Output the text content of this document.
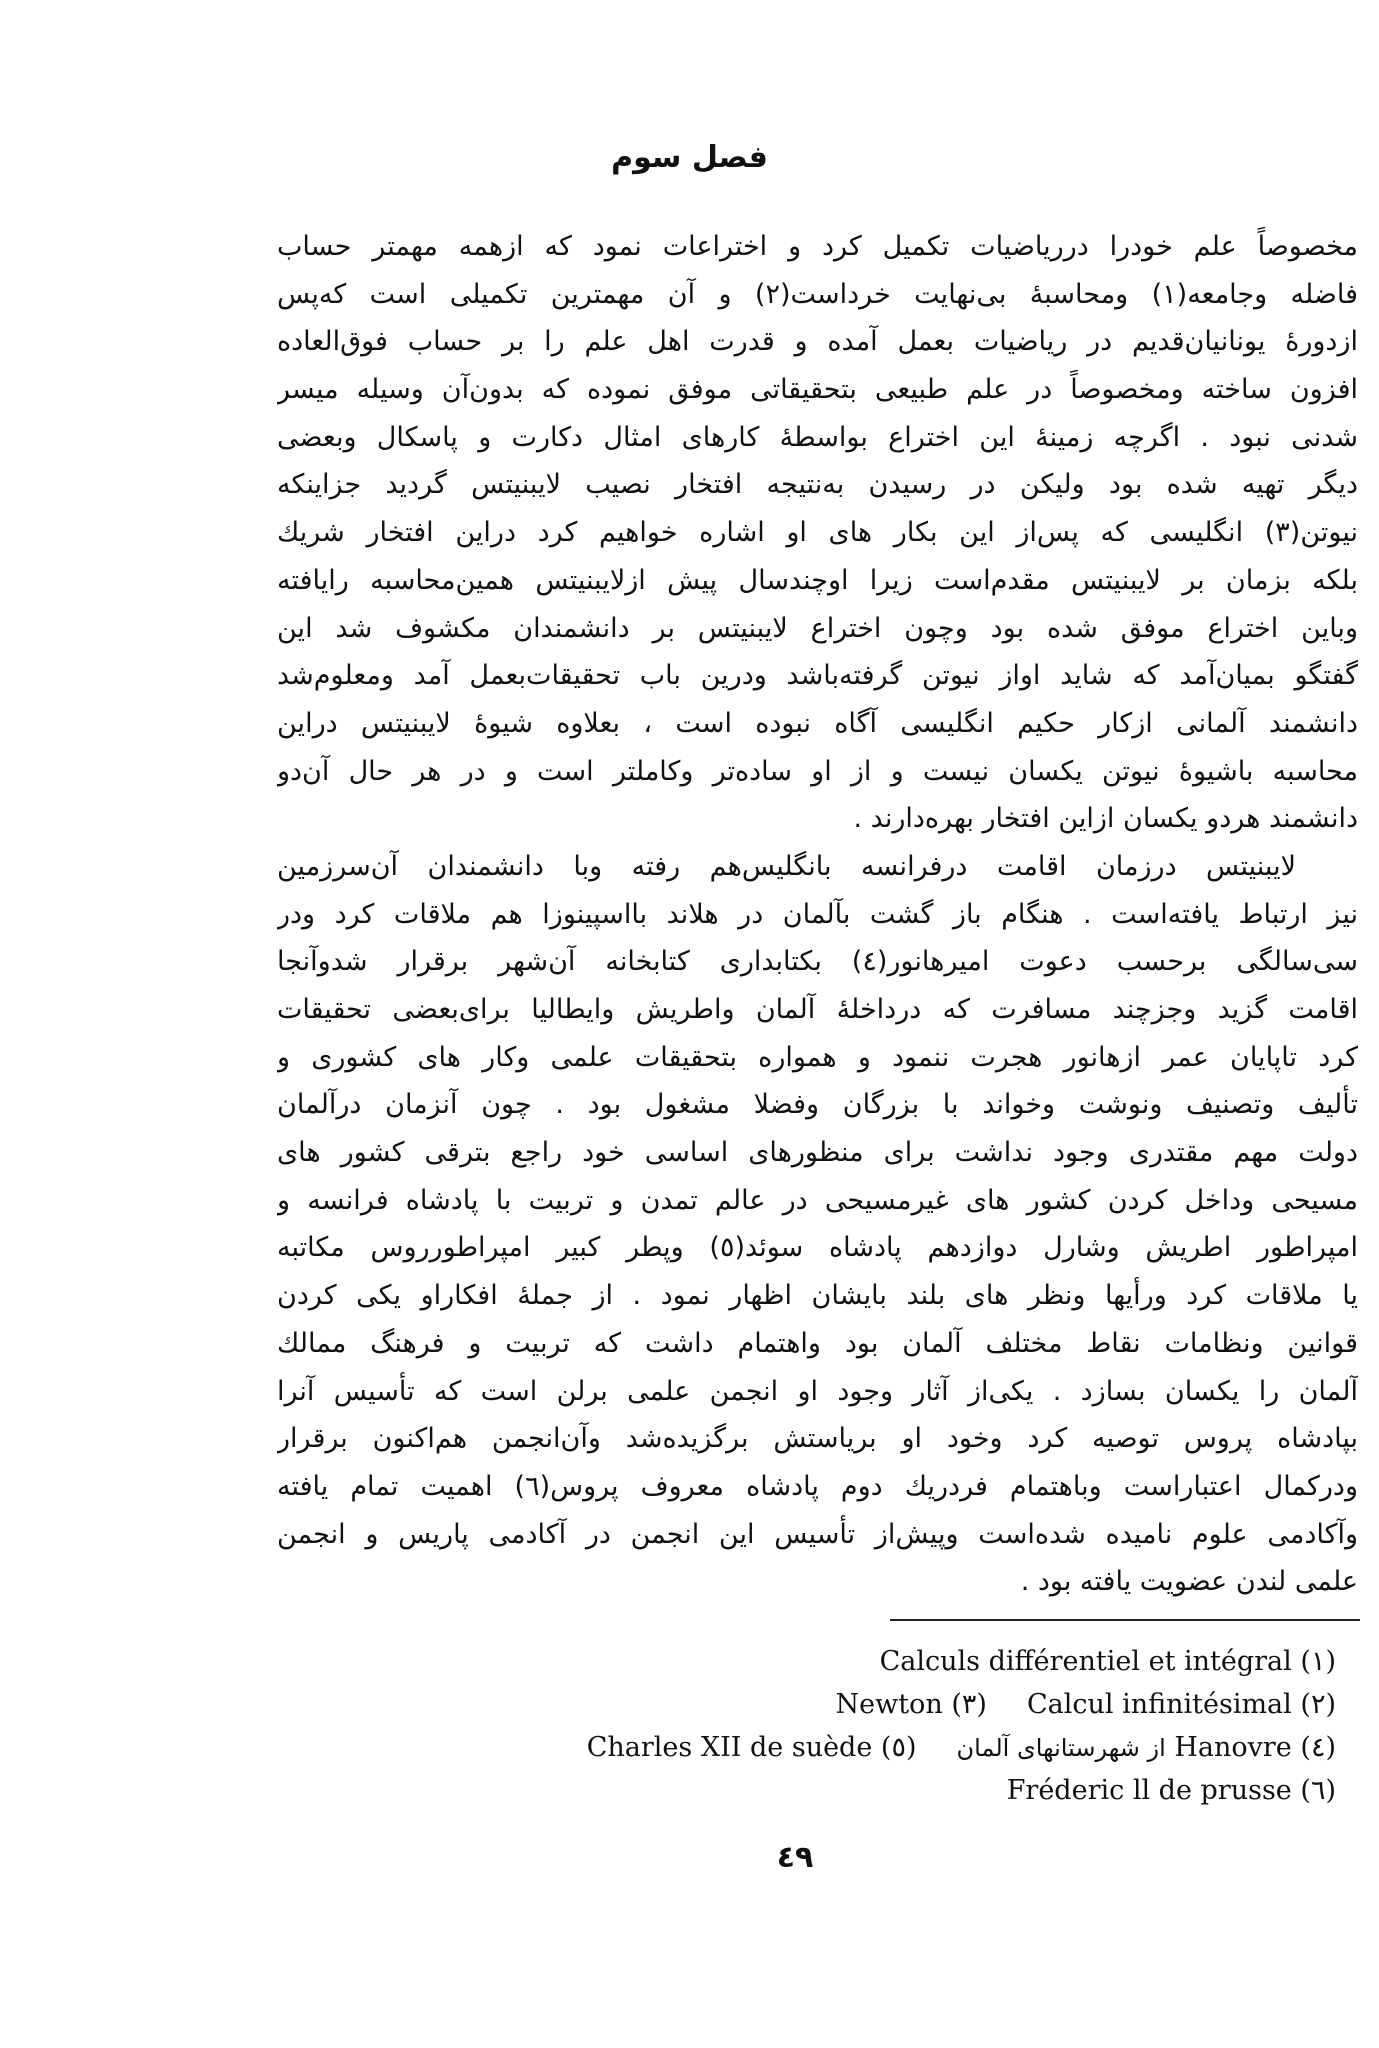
فصل سوم
مخصوصاً علم خودرا درریاضیات تکمیل کرد و اختراعات نمود که ازهمه مهمتر حساب
فاضله وجامعه(۱) ومحاسبهٔ بی‌نهایت خرداست(۲) و آن مهمترین تکمیلی است که‌پس
ازدورهٔ یونانیان‌قدیم در ریاضیات بعمل آمده و قدرت اهل علم را بر حساب فوق‌العاده
افزون ساخته ومخصوصاً در علم طبیعی بتحقیقاتی موفق نموده که بدون‌آن وسیله میسر
شدنی نبود . اگرچه زمینهٔ این اختراع بواسطهٔ کارهای امثال دکارت و پاسکال وبعضی
دیگر تهیه شده بود ولیکن در رسیدن به‌نتیجه افتخار نصیب لایبنیتس گردید جزاینکه
نیوتن(۳) انگلیسی که پس‌از این بکار های او اشاره خواهیم کرد دراین افتخار شریك
بلکه بزمان بر لایبنیتس مقدم‌است زیرا اوچندسال پیش ازلایبنیتس همین‌محاسبه رایافته
وباین اختراع موفق شده بود وچون اختراع لایبنیتس بر دانشمندان مکشوف شد این
گفتگو بمیان‌آمد که شاید اواز نیوتن گرفته‌باشد ودرین باب تحقیقات‌بعمل آمد ومعلوم‌شد
دانشمند آلمانی ازکار حکیم انگلیسی آگاه نبوده است ، بعلاوه شیوهٔ لایبنیتس دراین
محاسبه باشیوهٔ نیوتن یکسان نیست و از او ساده‌تر وکاملتر است و در هر حال آن‌دو
دانشمند هردو یکسان ازاین افتخار بهره‌دارند .
لایبنیتس درزمان اقامت درفرانسه بانگلیس‌هم رفته وبا دانشمندان آن‌سرزمین
نیز ارتباط یافته‌است . هنگام باز گشت بآلمان در هلاند بااسپینوزا هم ملاقات کرد ودر
سی‌سالگی برحسب دعوت امیرهانور(٤) بکتابداری کتابخانه آن‌شهر برقرار شدوآنجا
اقامت گزید وجزچند مسافرت که درداخلهٔ آلمان واطریش وایطالیا برای‌بعضی تحقیقات
کرد تاپایان عمر ازهانور هجرت ننمود و همواره بتحقیقات علمی وکار های کشوری و
تألیف وتصنیف ونوشت وخواند با بزرگان وفضلا مشغول بود . چون آنزمان درآلمان
دولت مهم مقتدری وجود نداشت برای منظورهای اساسی خود راجع بترقی کشور های
مسیحی وداخل کردن کشور های غیرمسیحی در عالم تمدن و تربیت با پادشاه فرانسه و
امپراطور اطریش وشارل دوازدهم پادشاه سوئد(٥) وپطر کبیر امپراطورروس مکاتبه
یا ملاقات کرد ورأیها ونظر های بلند بایشان اظهار نمود . از جملهٔ افکاراو یکی کردن
قوانین ونظامات نقاط مختلف آلمان بود واهتمام داشت که تربیت و فرهنگ ممالك
آلمان را یکسان بسازد . یکی‌از آثار وجود او انجمن علمی برلن است که تأسیس آنرا
بپادشاه پروس توصیه کرد وخود او بریاستش برگزیده‌شد وآن‌انجمن هم‌اکنون برقرار
ودرکمال اعتباراست وباهتمام فردریك دوم پادشاه معروف پروس(٦) اهمیت تمام یافته
وآکادمی علوم نامیده شده‌است وپیش‌از تأسیس این انجمن در آکادمی پاریس و انجمن
علمی لندن عضویت یافته بود .
Calculs différentiel et intégral (١)
Newton (٣) Calcul infinitésimal (٢)
Charles XII de suède (٥) از شهرستانهای آلمان Hanovre (٤)
Fréderic ll de prusse (٦)
٤٩
